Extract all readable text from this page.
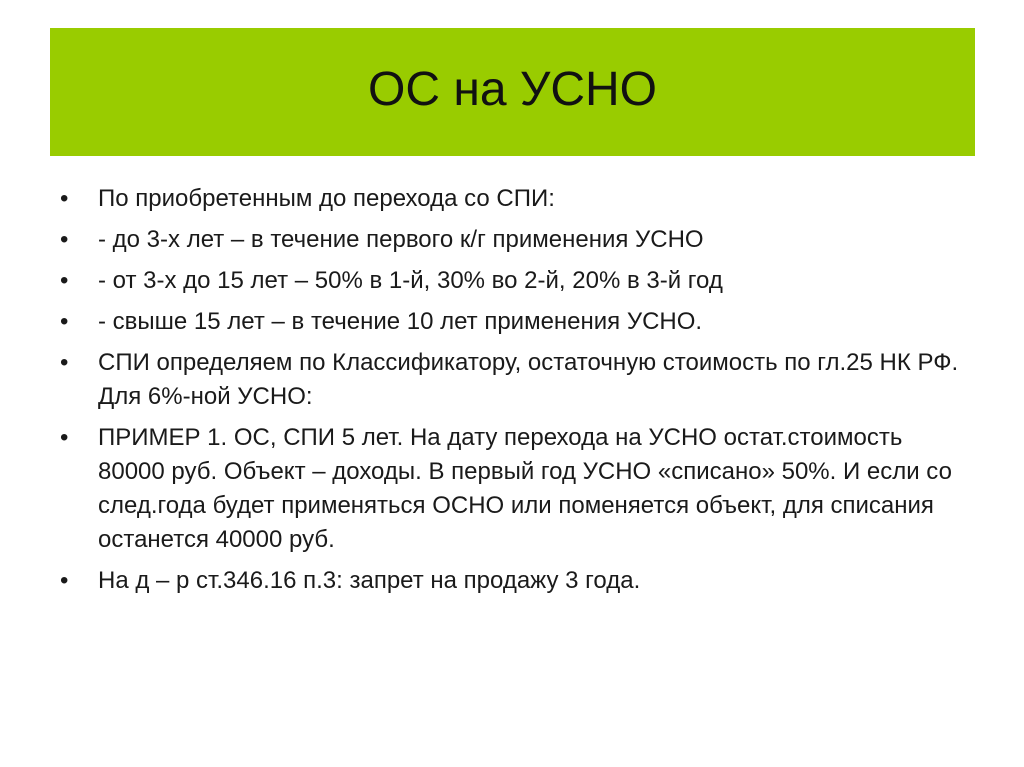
ОС на УСНО
•	По приобретенным до перехода со СПИ:
•	- до 3-х лет – в течение первого к/г применения УСНО
•	- от 3-х до 15 лет – 50% в 1-й, 30% во 2-й, 20% в 3-й год
•	- свыше 15 лет – в течение 10 лет применения УСНО.
•	СПИ определяем по Классификатору, остаточную стоимость по гл.25 НК РФ. Для 6%-ной УСНО:
•	ПРИМЕР 1. ОС, СПИ 5 лет. На дату перехода на УСНО остат.стоимость 80000 руб. Объект – доходы. В первый год УСНО «списано» 50%. И если со след.года будет применяться ОСНО или поменяется объект, для списания останется 40000 руб.
•	На д – р ст.346.16 п.3: запрет на продажу 3 года.
